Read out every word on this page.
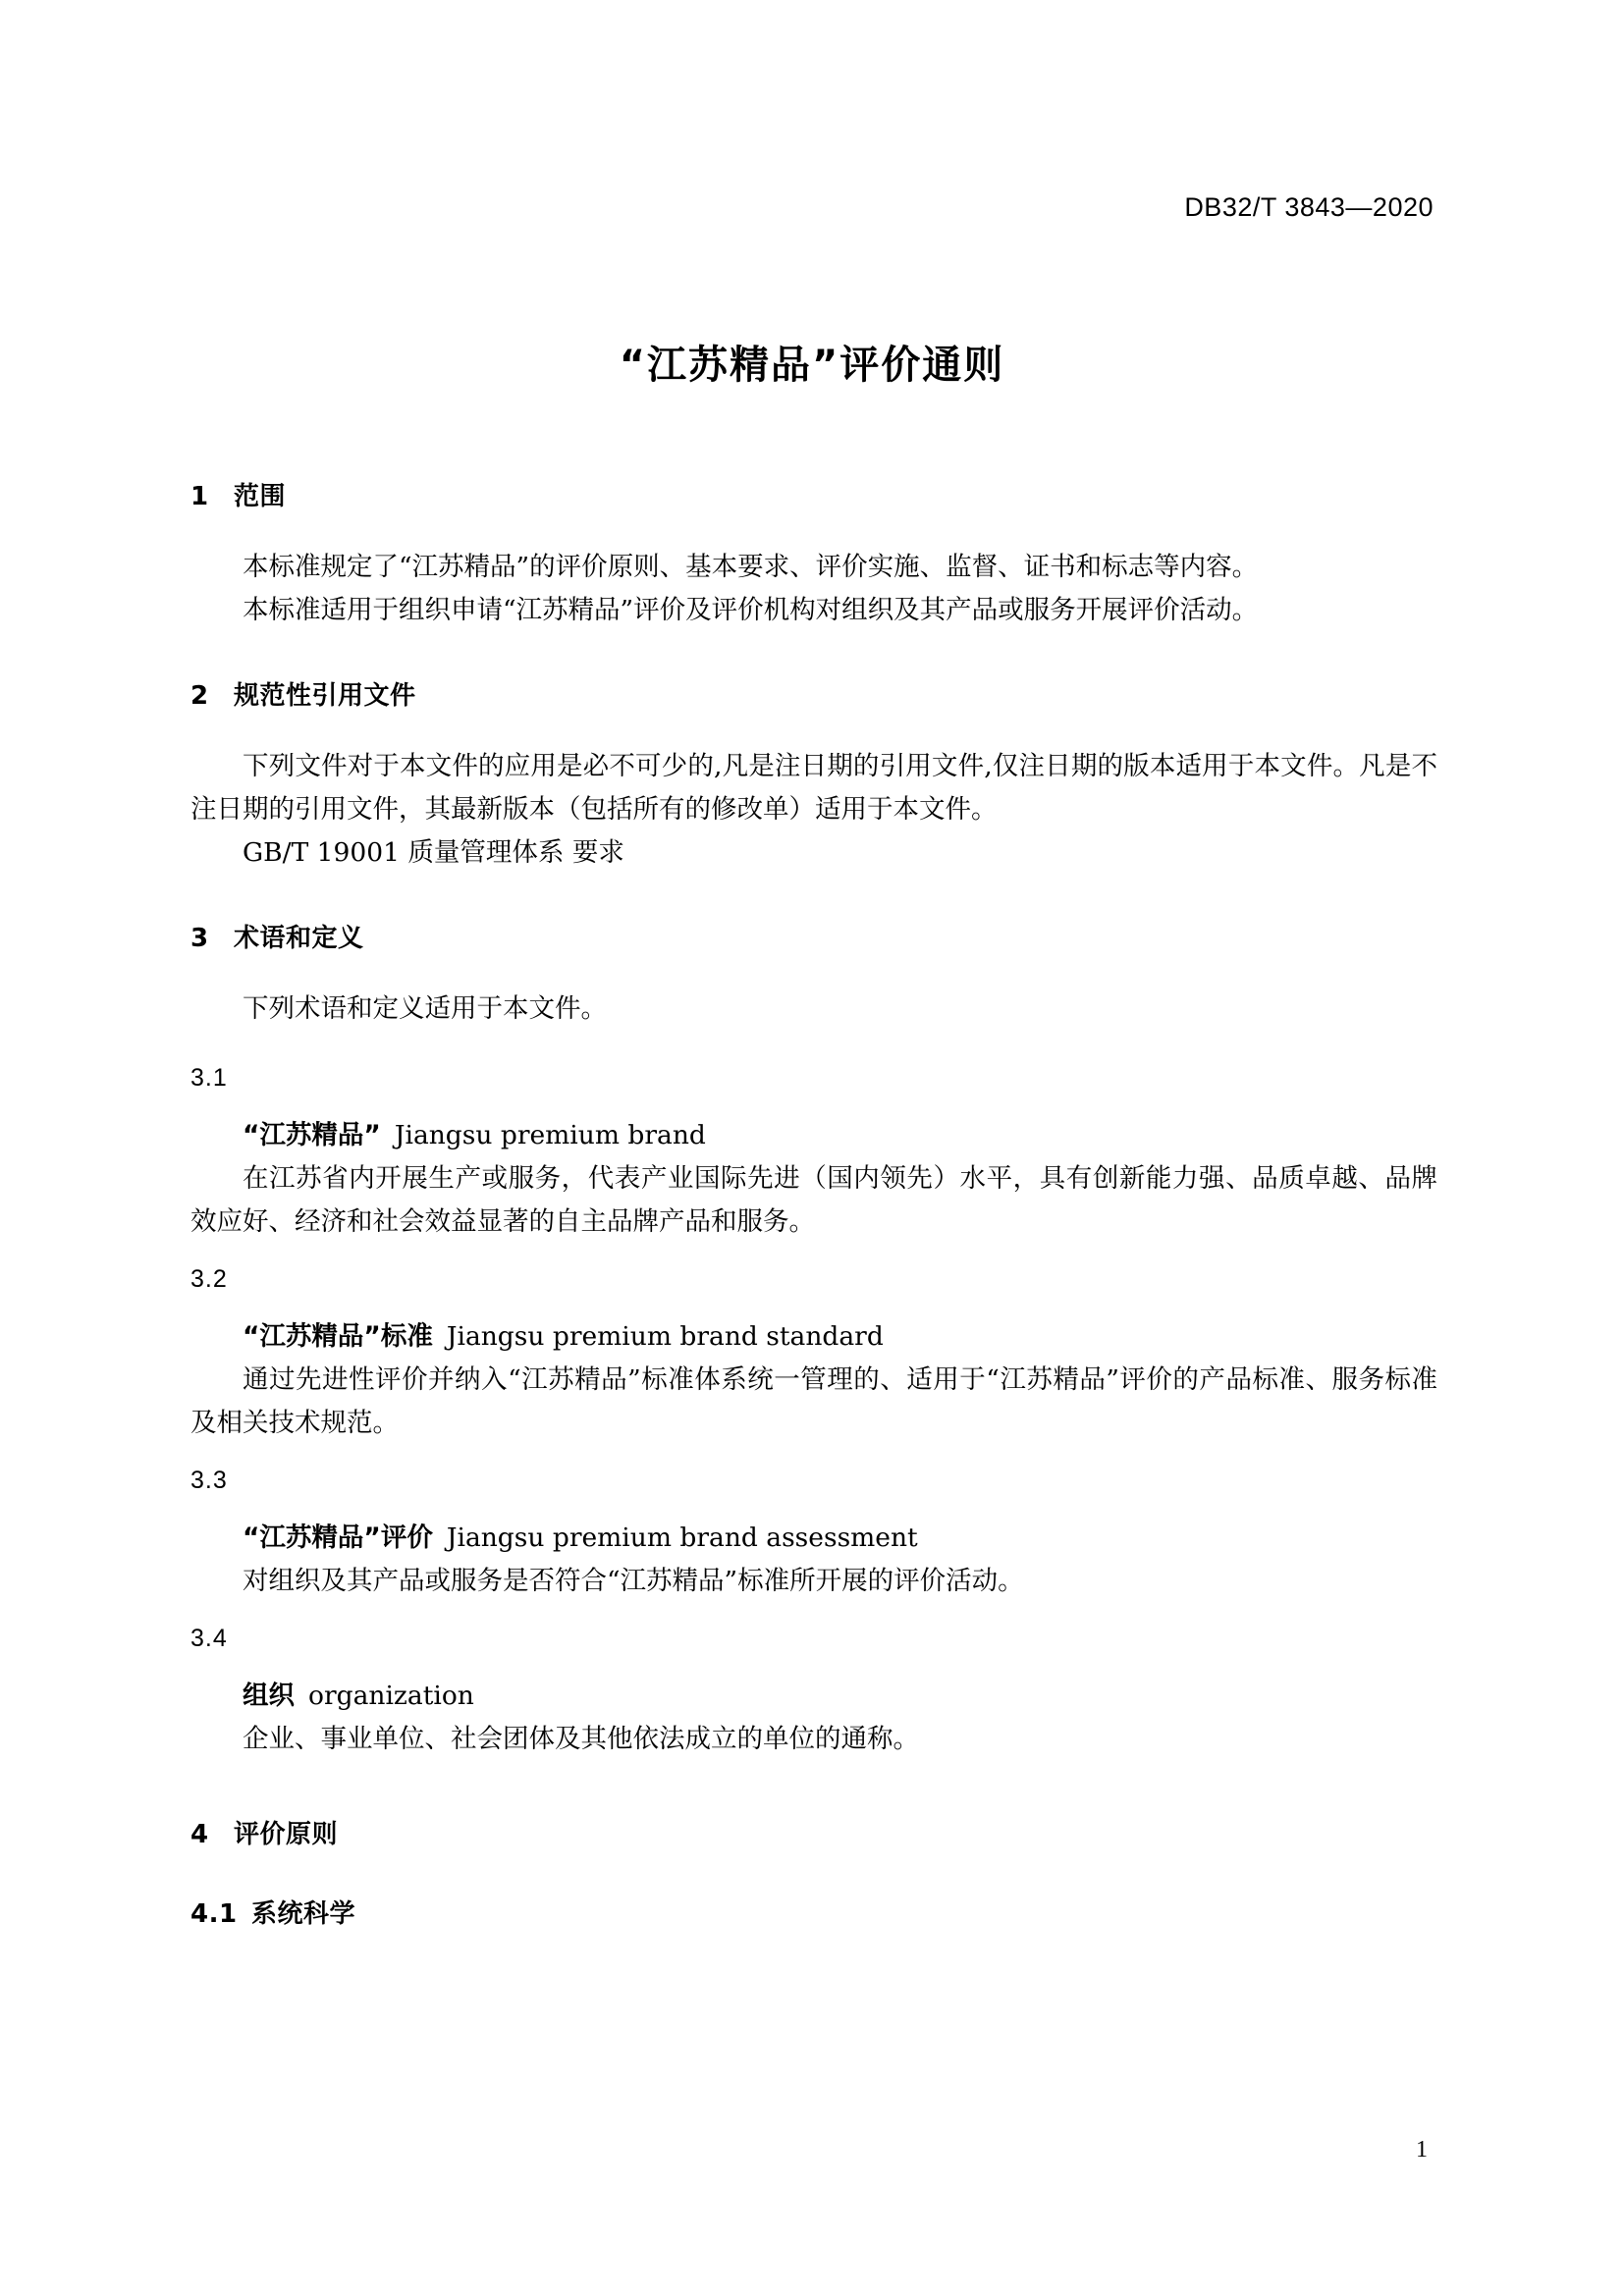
DB32/T 3843—2020
“江苏精品”评价通则
1 范围

本标准规定了“江苏精品”的评价原则、基本要求、评价实施、监督、证书和标志等内容。

本标准适用于组织申请“江苏精品”评价及评价机构对组织及其产品或服务开展评价活动。

2 规范性引用文件

下列文件对于本文件的应用是必不可少的,凡是注日期的引用文件,仅注日期的版本适用于本文件。凡是不注日期的引用文件，其最新版本（包括所有的修改单）适用于本文件。

GB/T 19001 质量管理体系 要求

3 术语和定义

下列术语和定义适用于本文件。

3.1

“江苏精品” Jiangsu premium brand

在江苏省内开展生产或服务，代表产业国际先进（国内领先）水平，具有创新能力强、品质卓越、品牌效应好、经济和社会效益显著的自主品牌产品和服务。

3.2

“江苏精品”标准 Jiangsu premium brand standard

通过先进性评价并纳入“江苏精品”标准体系统一管理的、适用于“江苏精品”评价的产品标准、服务标准及相关技术规范。

3.3

“江苏精品”评价 Jiangsu premium brand assessment

对组织及其产品或服务是否符合“江苏精品”标准所开展的评价活动。

3.4

组织 organization

企业、事业单位、社会团体及其他依法成立的单位的通称。

4 评价原则
4.1 系统科学
1
